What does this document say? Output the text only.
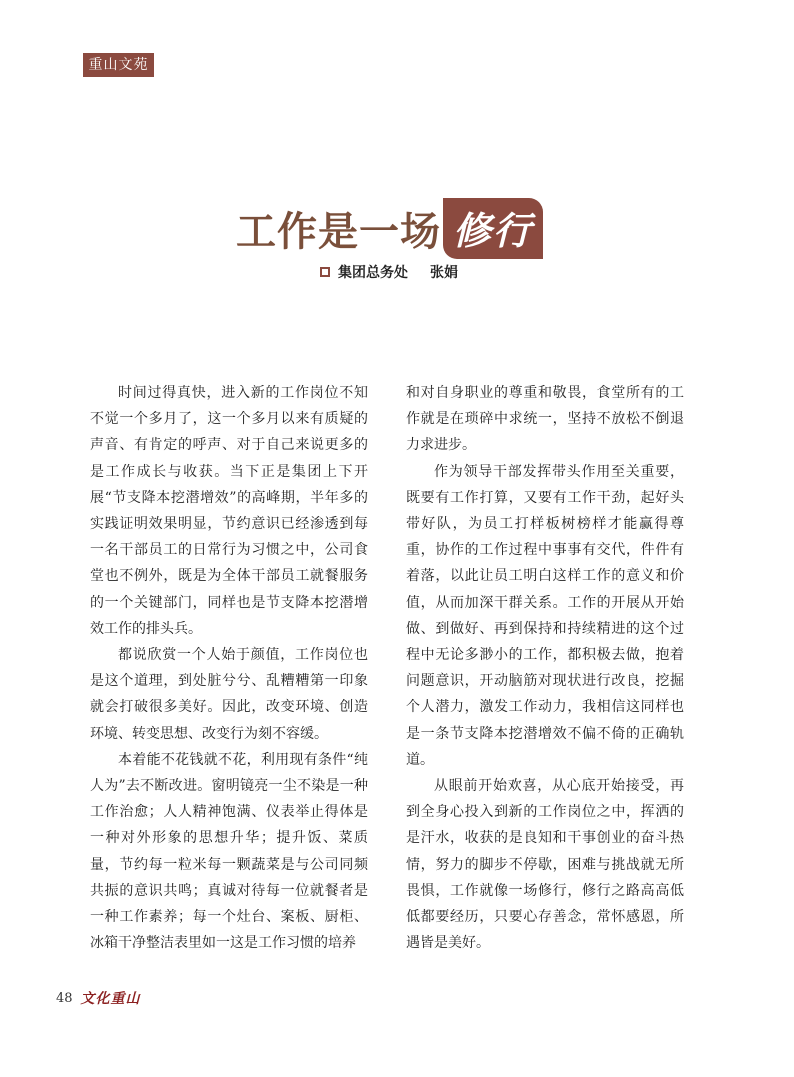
重山文苑
工作是一场 修行
集团总务处 张娟

时间过得真快，进入新的工作岗位不知不觉一个多月了，这一个多月以来有质疑的声音、有肯定的呼声、对于自己来说更多的是工作成长与收获。当下正是集团上下开展“节支降本挖潜增效”的高峰期，半年多的实践证明效果明显，节约意识已经渗透到每一名干部员工的日常行为习惯之中，公司食堂也不例外，既是为全体干部员工就餐服务的一个关键部门，同样也是节支降本挖潜增效工作的排头兵。

都说欣赏一个人始于颜值，工作岗位也是这个道理，到处脏兮兮、乱糟糟第一印象就会打破很多美好。因此，改变环境、创造环境、转变思想、改变行为刻不容缓。

本着能不花钱就不花，利用现有条件“纯人为”去不断改进。窗明镜亮一尘不染是一种工作治愈；人人精神饱满、仪表举止得体是一种对外形象的思想升华；提升饭、菜质量，节约每一粒米每一颗蔬菜是与公司同频共振的意识共鸣；真诚对待每一位就餐者是一种工作素养；每一个灶台、案板、厨柜、冰箱干净整洁表里如一这是工作习惯的培养

和对自身职业的尊重和敬畏，食堂所有的工作就是在琐碎中求统一，坚持不放松不倒退力求进步。

作为领导干部发挥带头作用至关重要，既要有工作打算，又要有工作干劲，起好头带好队，为员工打样板树榜样才能赢得尊重，协作的工作过程中事事有交代，件件有着落，以此让员工明白这样工作的意义和价值，从而加深干群关系。工作的开展从开始做、到做好、再到保持和持续精进的这个过程中无论多渺小的工作，都积极去做，抱着问题意识，开动脑筋对现状进行改良，挖掘个人潜力，激发工作动力，我相信这同样也是一条节支降本挖潜增效不偏不倚的正确轨道。

从眼前开始欢喜，从心底开始接受，再到全身心投入到新的工作岗位之中，挥洒的是汗水，收获的是良知和干事创业的奋斗热情，努力的脚步不停歇，困难与挑战就无所畏惧，工作就像一场修行，修行之路高高低低都要经历，只要心存善念，常怀感恩，所遇皆是美好。

48 文化重山
